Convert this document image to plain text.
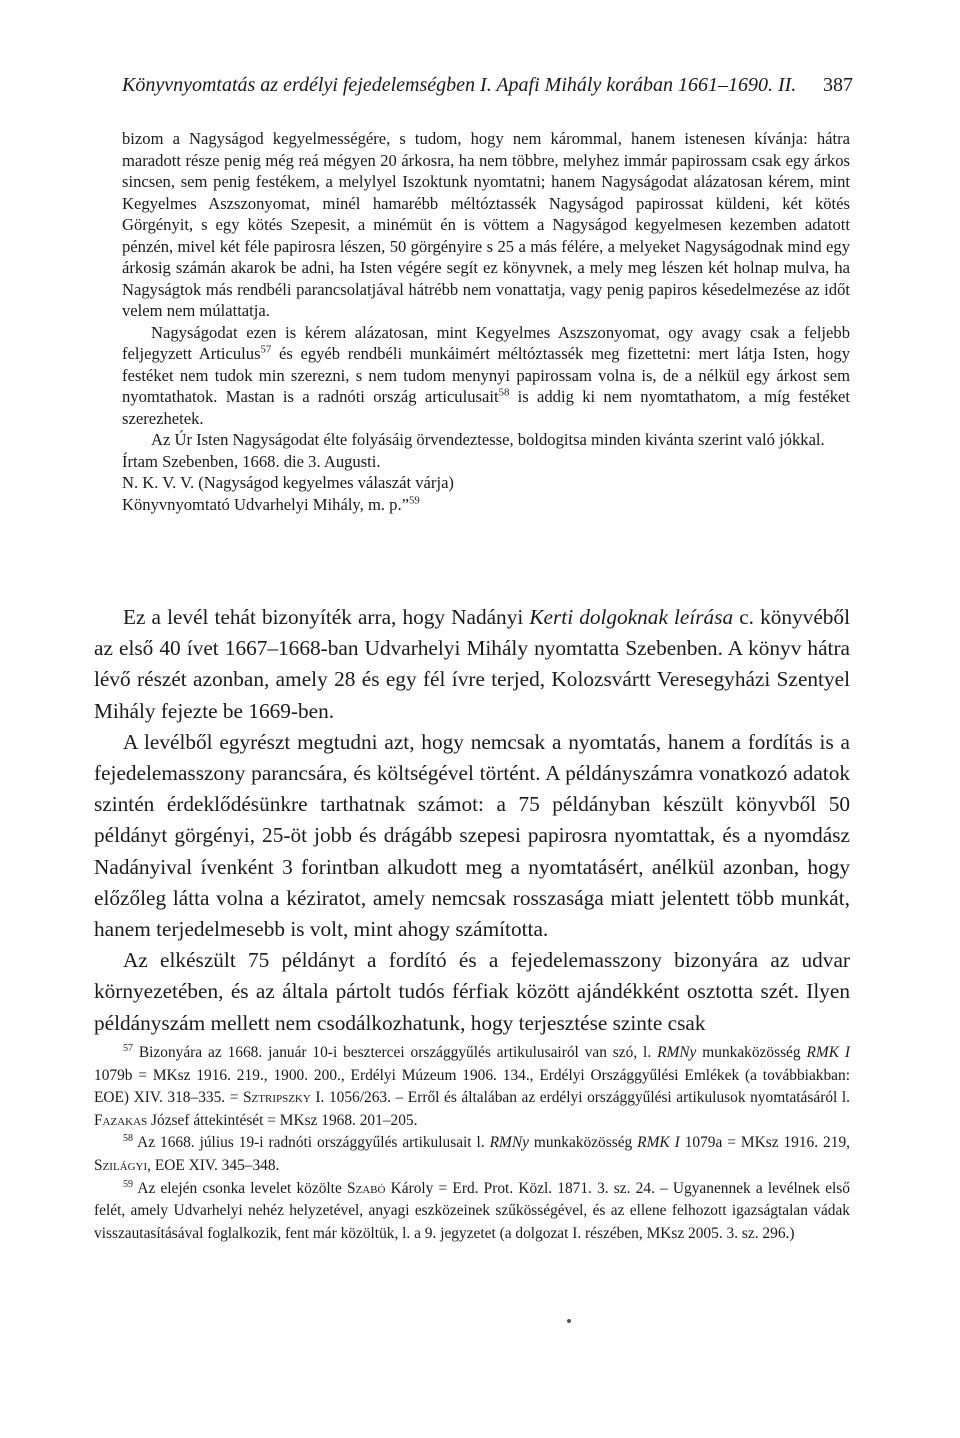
Könyvnyomtatás az erdélyi fejedelemségben I. Apafi Mihály korában 1661–1690. II. 387

bizom a Nagyságod kegyelmességére, s tudom, hogy nem kárommal, hanem istenesen kívánja: hátra maradott része penig még reá mégyen 20 árkosra, ha nem többre, melyhez immár papirossam csak egy árkos sincsen, sem penig festékem, a melylyel Iszoktunk nyomtatni; hanem Nagyságodat alázatosan kérem, mint Kegyelmes Aszszonyomat, minél hamarébb méltóztassék Nagyságod papirossat küldeni, két kötés Görgényit, s egy kötés Szepesit, a minémüt én is vöttem a Nagyságod kegyelmesen kezemben adatott pénzén, mivel két féle papirosra lészen, 50 görgényire s 25 a más félére, a melyeket Nagyságodnak mind egy árkosig számán akarok be adni, ha Isten végére segít ez könyvnek, a mely meg lészen két holnap mulva, ha Nagyságtok más rendbéli parancsolatjával hátrébb nem vonattatja, vagy penig papiros késedelmezése az időt velem nem múlattatja.

Nagyságodat ezen is kérem alázatosan, mint Kegyelmes Aszszonyomat, ogy avagy csak a feljebb feljegyzett Articulus$^{57}$ és egyéb rendbéli munkáimért méltóztassék meg fizettetni: mert látja Isten, hogy festéket nem tudok min szerezni, s nem tudom menynyi papirossam volna is, de a nélkül egy árkost sem nyomtathatok. Mastan is a radnóti ország articulusait$^{58}$ is addig ki nem nyomtathatom, a míg festéket szerezhetek.

Az Úr Isten Nagyságodat élte folyásáig örvendeztesse, boldogitsa minden kivánta szerint való jókkal.

Írtam Szebenben, 1668. die 3. Augusti.

N. K. V. V. (Nagyságod kegyelmes válaszát várja)

Könyvnyomtató Udvarhelyi Mihály, m. p.”$^{59}$

Ez a levél tehát bizonyíték arra, hogy Nadányi Kerti dolgoknak leírása c. könyvéből az első 40 ívet 1667–1668-ban Udvarhelyi Mihály nyomtatta Szebenben. A könyv hátra lévő részét azonban, amely 28 és egy fél ívre terjed, Kolozsvártt Veresegyházi Szentyel Mihály fejezte be 1669-ben.

A levélből egyrészt megtudni azt, hogy nemcsak a nyomtatás, hanem a fordítás is a fejedelemasszony parancsára, és költségével történt. A példányszámra vonatkozó adatok szintén érdeklődésünkre tarthatnak számot: a 75 példányban készült könyvből 50 példányt görgényi, 25-öt jobb és drágább szepesi papirosra nyomtattak, és a nyomdász Nadányival ívenként 3 forintban alkudott meg a nyomtatásért, anélkül azonban, hogy előzőleg látta volna a kéziratot, amely nemcsak rosszasága miatt jelentett több munkát, hanem terjedelmesebb is volt, mint ahogy számította.

Az elkészült 75 példányt a fordító és a fejedelemasszony bizonyára az udvar környezetében, és az általa pártolt tudós férfiak között ajándékként osztotta szét. Ilyen példányszám mellett nem csodálkozhatunk, hogy terjesztése szinte csak

$^{57}$ Bizonyára az 1668. január 10-i besztercei országgyűlés artikulusairól van szó, l. RMNy munkaközösség RMK I 1079b = MKsz 1916. 219., 1900. 200., Erdélyi Múzeum 1906. 134., Erdélyi Országgyűlési Emlékek (a továbbiakban: EOE) XIV. 318–335. = Sztripszky I. 1056/263. – Erről és általában az erdélyi országgyűlési artikulusok nyomtatásáról l. Fazakas József áttekintését = MKsz 1968. 201–205.

$^{58}$ Az 1668. július 19-i radnóti országgyűlés artikulusait l. RMNy munkaközösség RMK I 1079a = MKsz 1916. 219, Szilágyi, EOE XIV. 345–348.

$^{59}$ Az elején csonka levelet közölte Szabó Károly = Erd. Prot. Közl. 1871. 3. sz. 24. – Ugyanennek a levélnek első felét, amely Udvarhelyi nehéz helyzetével, anyagi eszközeinek szűkösségével, és az ellene felhozott igazságtalan vádak visszautasításával foglalkozik, fent már közöltük, l. a 9. jegyzetet (a dolgozat I. részében, MKsz 2005. 3. sz. 296.)
